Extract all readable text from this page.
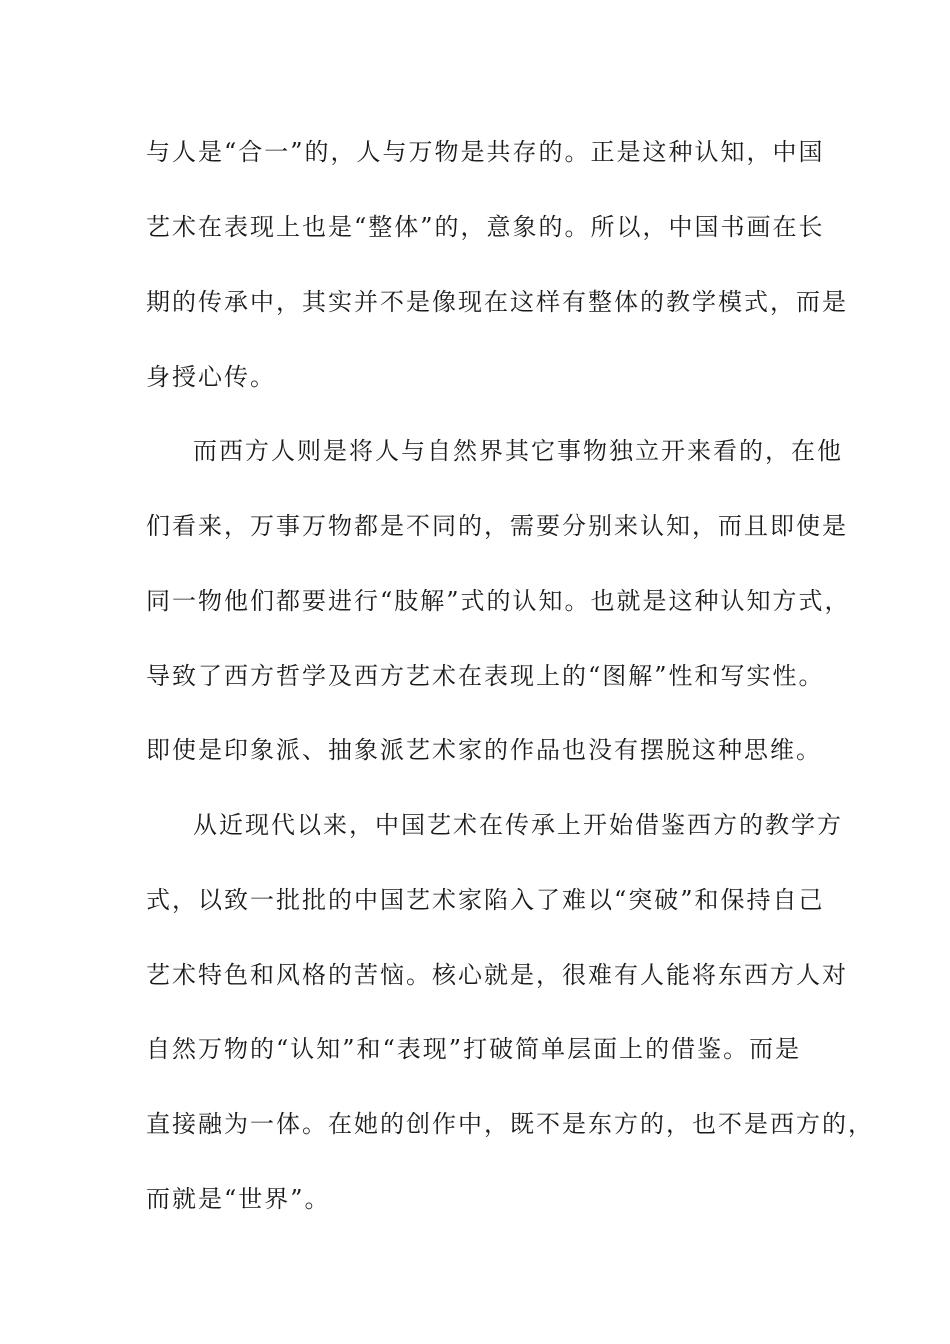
与人是“合一”的，人与万物是共存的。正是这种认知，中国
艺术在表现上也是“整体”的，意象的。所以，中国书画在长
期的传承中，其实并不是像现在这样有整体的教学模式，而是
身授心传。
而西方人则是将人与自然界其它事物独立开来看的，在他
们看来，万事万物都是不同的，需要分别来认知，而且即使是
同一物他们都要进行“肢解”式的认知。也就是这种认知方式，
导致了西方哲学及西方艺术在表现上的“图解”性和写实性。
即使是印象派、抽象派艺术家的作品也没有摆脱这种思维。
从近现代以来，中国艺术在传承上开始借鉴西方的教学方
式，以致一批批的中国艺术家陷入了难以“突破”和保持自己
艺术特色和风格的苦恼。核心就是，很难有人能将东西方人对
自然万物的“认知”和“表现”打破简单层面上的借鉴。而是
直接融为一体。在她的创作中，既不是东方的，也不是西方的，
而就是“世界”。
